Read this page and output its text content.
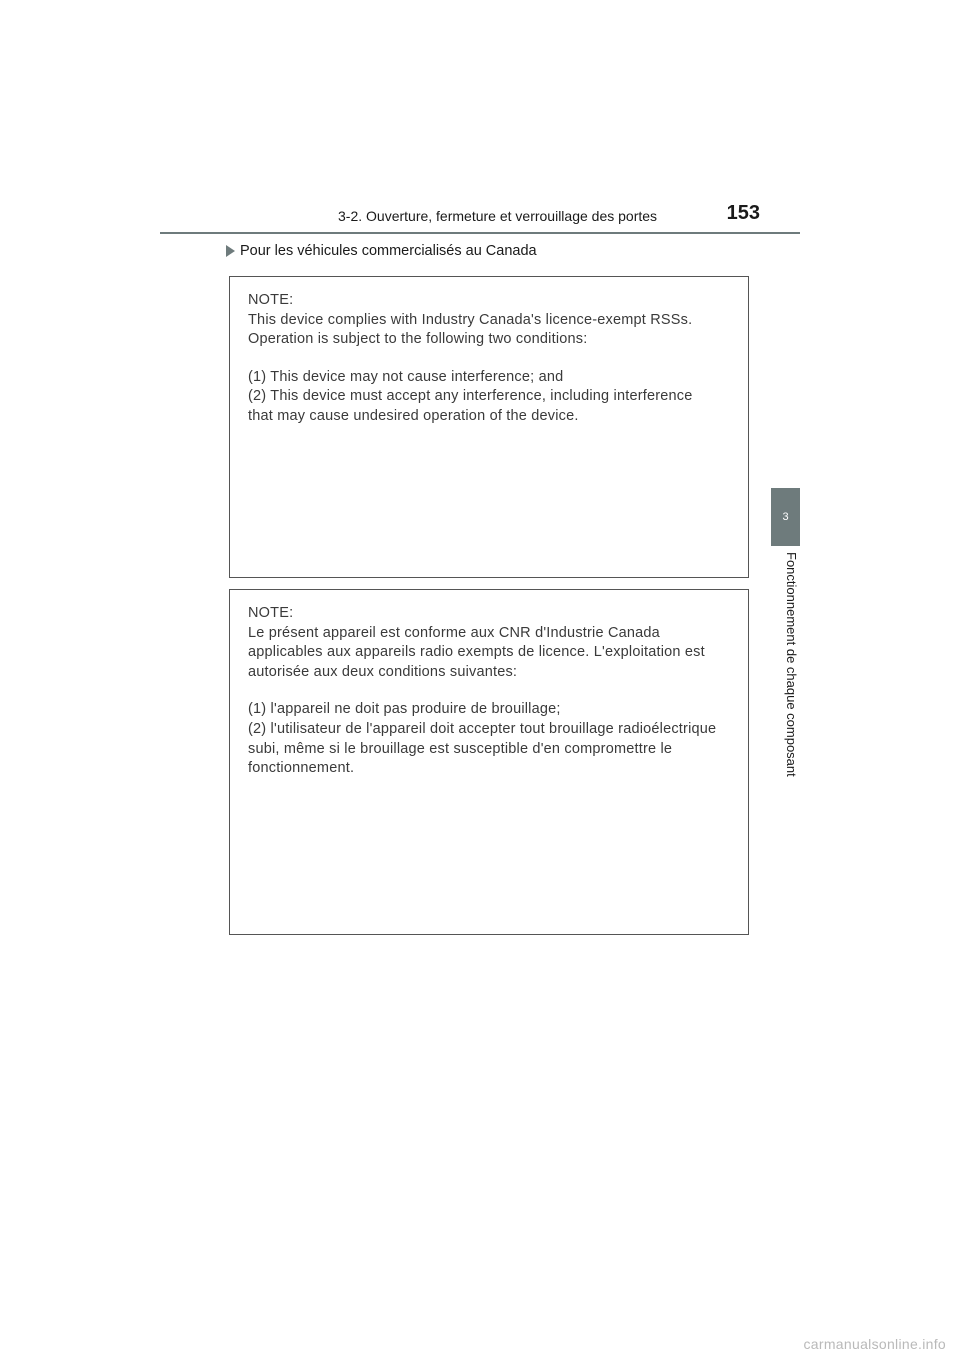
3-2. Ouverture, fermeture et verrouillage des portes	153
Pour les véhicules commercialisés au Canada
3
Fonctionnement de chaque composant
NOTE:
This device complies with Industry Canada's licence-exempt RSSs.
Operation is subject to the following two conditions:
(1) This device may not cause interference; and
(2) This device must accept any interference, including interference
that may cause undesired operation of the device.
NOTE:
Le présent appareil est conforme aux CNR d'Industrie Canada
applicables aux appareils radio exempts de licence. L'exploitation est
autorisée aux deux conditions suivantes:
(1) l'appareil ne doit pas produire de brouillage;
(2) l'utilisateur de l'appareil doit accepter tout brouillage radioélectrique
subi, même si le brouillage est susceptible d'en compromettre le
fonctionnement.
carmanualsonline.info
